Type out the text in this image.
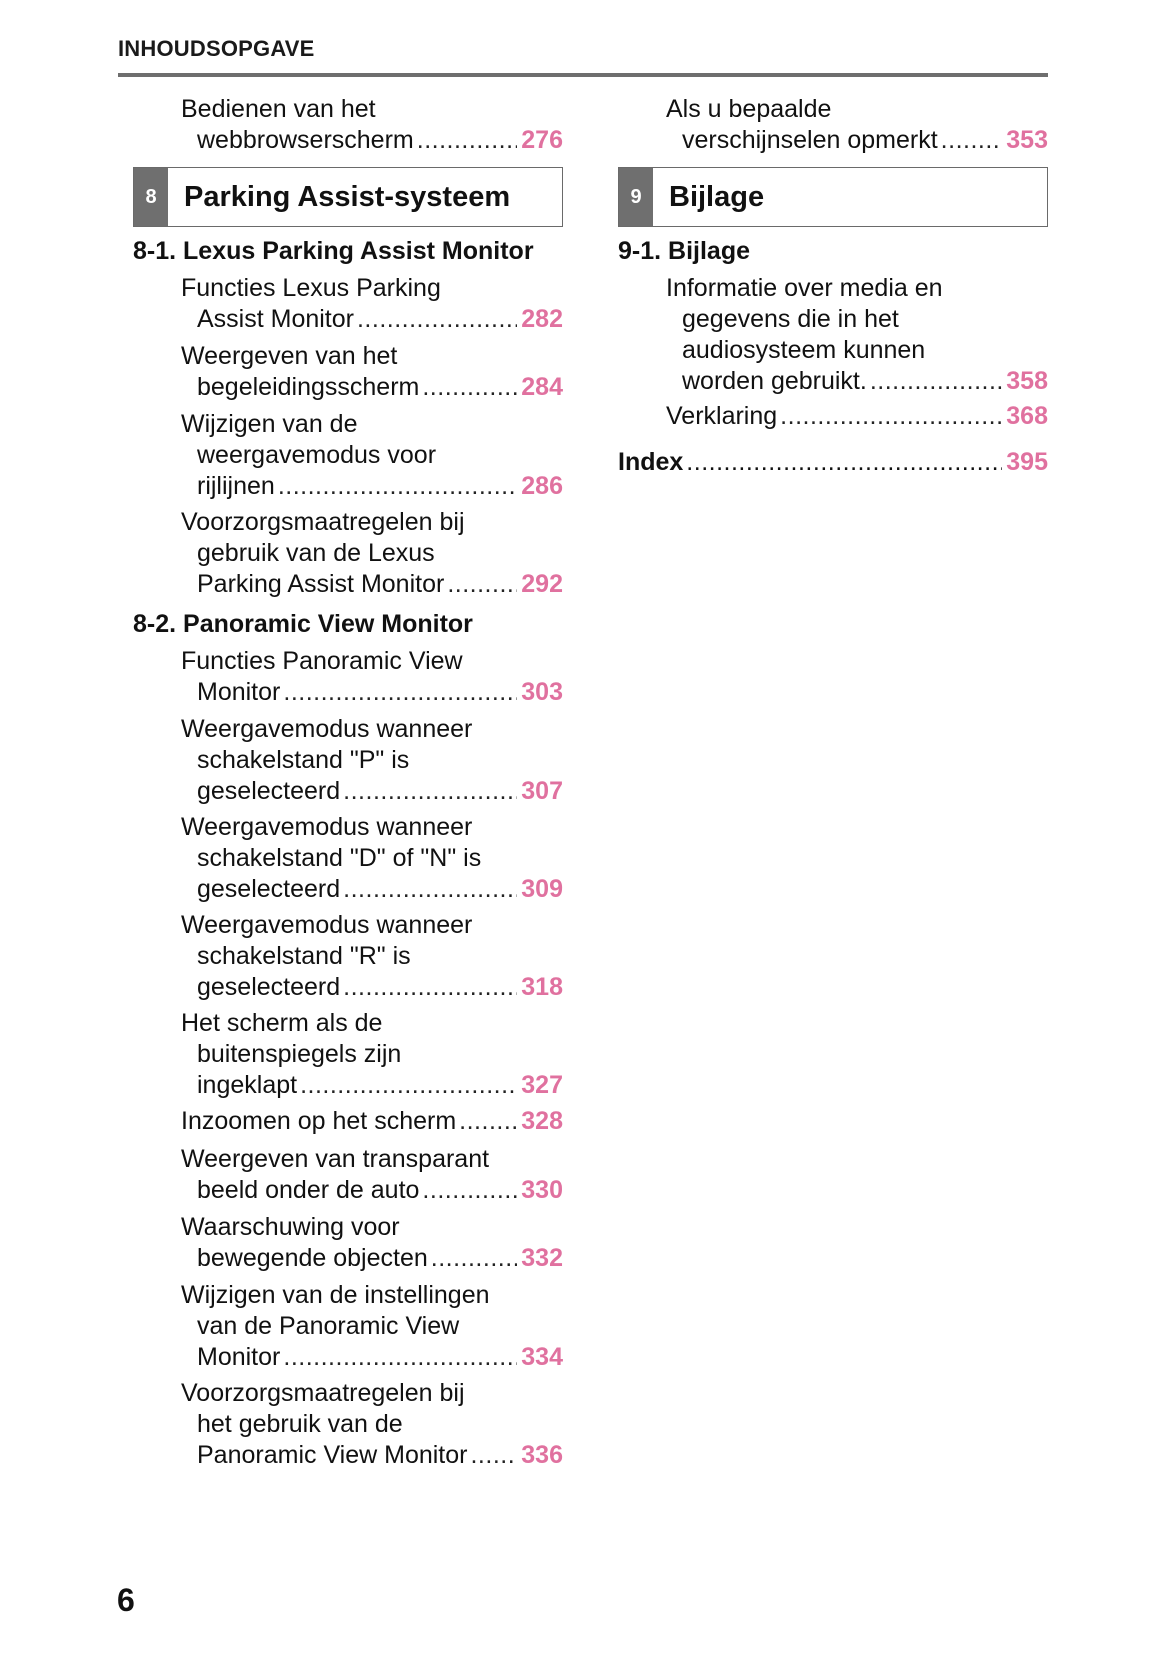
INHOUDSOPGAVE
Bedienen van het
webbrowserscherm .....	276
8 Parking Assist-systeem
8-1. Lexus Parking Assist Monitor
Functies Lexus Parking
Assist Monitor .....	282
Weergeven van het
begeleidingsscherm .....	284
Wijzigen van de
weergavemodus voor
rijlijnen .....	286
Voorzorgsmaatregelen bij
gebruik van de Lexus
Parking Assist Monitor .....	292
8-2. Panoramic View Monitor
Functies Panoramic View
Monitor .....	303
Weergavemodus wanneer
schakelstand "P" is
geselecteerd .....	307
Weergavemodus wanneer
schakelstand "D" of "N" is
geselecteerd .....	309
Weergavemodus wanneer
schakelstand "R" is
geselecteerd .....	318
Het scherm als de
buitenspiegels zijn
ingeklapt .....	327
Inzoomen op het scherm .....	328
Weergeven van transparant
beeld onder de auto .....	330
Waarschuwing voor
bewegende objecten .....	332
Wijzigen van de instellingen
van de Panoramic View
Monitor .....	334
Voorzorgsmaatregelen bij
het gebruik van de
Panoramic View Monitor ..... 336
Als u bepaalde
verschijnselen opmerkt .....	353
9 Bijlage
9-1. Bijlage
Informatie over media en
gegevens die in het
audiosysteem kunnen
worden gebruikt. .....	358
Verklaring .....	368
Index .....	395
6
